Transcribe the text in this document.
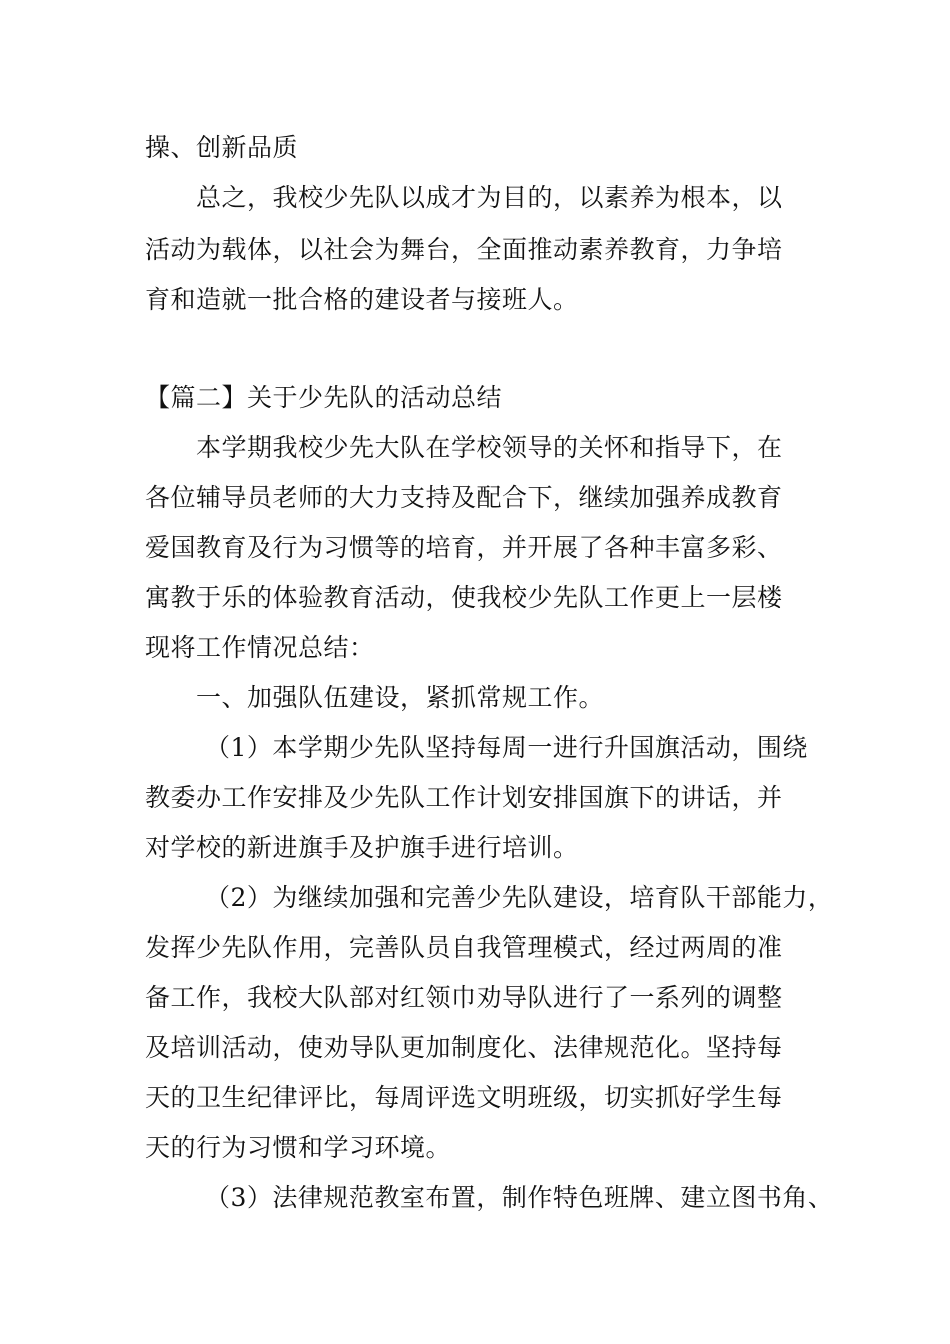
操、创新品质
总之，我校少先队以成才为目的，以素养为根本，以
活动为载体，以社会为舞台，全面推动素养教育，力争培
育和造就一批合格的建设者与接班人。
【篇二】关于少先队的活动总结
本学期我校少先大队在学校领导的关怀和指导下，在
各位辅导员老师的大力支持及配合下，继续加强养成教育
爱国教育及行为习惯等的培育，并开展了各种丰富多彩、
寓教于乐的体验教育活动，使我校少先队工作更上一层楼
现将工作情况总结：
一、加强队伍建设，紧抓常规工作。
（1）本学期少先队坚持每周一进行升国旗活动，围绕
教委办工作安排及少先队工作计划安排国旗下的讲话，并
对学校的新进旗手及护旗手进行培训。
（2）为继续加强和完善少先队建设，培育队干部能力，
发挥少先队作用，完善队员自我管理模式，经过两周的准
备工作，我校大队部对红领巾劝导队进行了一系列的调整
及培训活动，使劝导队更加制度化、法律规范化。坚持每
天的卫生纪律评比，每周评选文明班级，切实抓好学生每
天的行为习惯和学习环境。
（3）法律规范教室布置，制作特色班牌、建立图书角、
